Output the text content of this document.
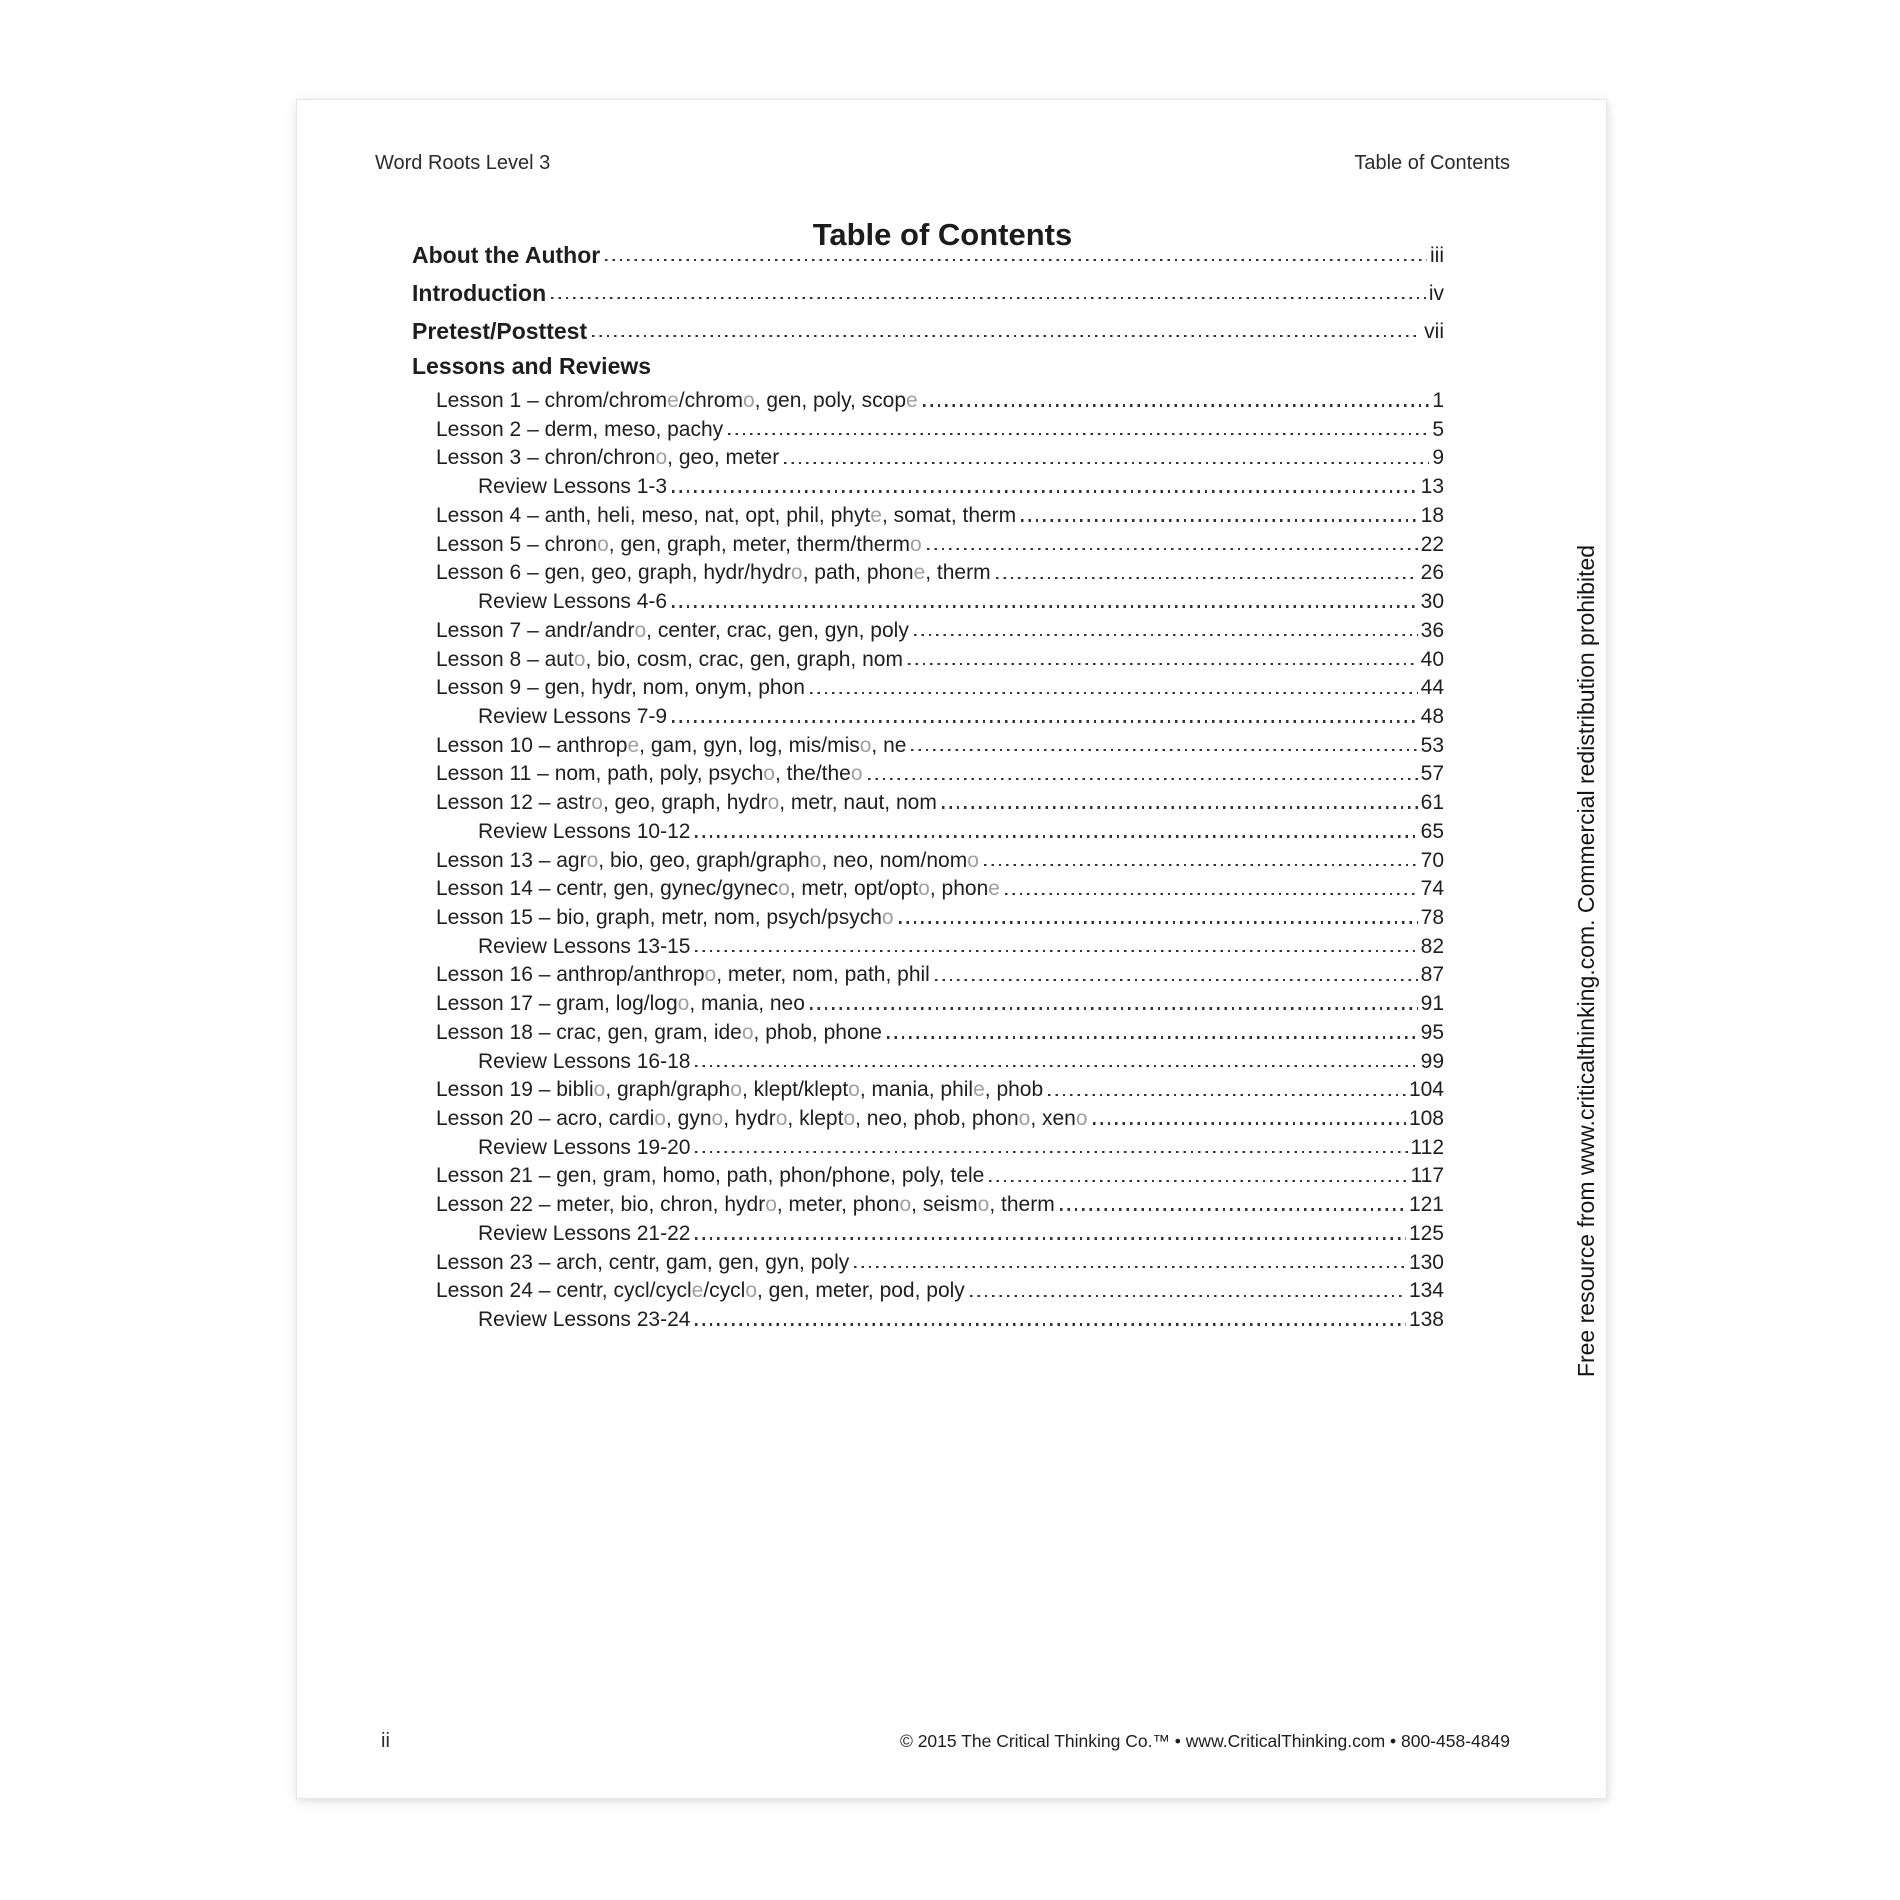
Word Roots Level 3	Table of Contents
Table of Contents
About the Author	iii
Introduction	iv
Pretest/Posttest	vii
Lessons and Reviews
Lesson 1 – chrom/chrome/chromo, gen, poly, scope	1
Lesson 2 – derm, meso, pachy	5
Lesson 3 – chron/chrono, geo, meter	9
Review Lessons 1-3	13
Lesson 4 – anth, heli, meso, nat, opt, phil, phyte, somat, therm	18
Lesson 5 – chrono, gen, graph, meter, therm/thermo	22
Lesson 6 – gen, geo, graph, hydr/hydro, path, phone, therm	26
Review Lessons 4-6	30
Lesson 7 – andr/andro, center, crac, gen, gyn, poly	36
Lesson 8 – auto, bio, cosm, crac, gen, graph, nom	40
Lesson 9 – gen, hydr, nom, onym, phon	44
Review Lessons 7-9	48
Lesson 10 – anthrope, gam, gyn, log, mis/miso, ne	53
Lesson 11 – nom, path, poly, psycho, the/theo	57
Lesson 12 – astro, geo, graph, hydro, metr, naut, nom	61
Review Lessons 10-12	65
Lesson 13 – agro, bio, geo, graph/grapho, neo, nom/nomo	70
Lesson 14 – centr, gen, gynec/gyneco, metr, opt/opto, phone	74
Lesson 15 – bio, graph, metr, nom, psych/psycho	78
Review Lessons 13-15	82
Lesson 16 – anthrop/anthropo, meter, nom, path, phil	87
Lesson 17 – gram, log/logo, mania, neo	91
Lesson 18 – crac, gen, gram, ideo, phob, phone	95
Review Lessons 16-18	99
Lesson 19 – biblio, graph/grapho, klept/klepto, mania, phile, phob	104
Lesson 20 – acro, cardio, gyno, hydro, klepto, neo, phob, phono, xeno	108
Review Lessons 19-20	112
Lesson 21 – gen, gram, homo, path, phon/phone, poly, tele	117
Lesson 22 – meter, bio, chron, hydro, meter, phono, seismo, therm	121
Review Lessons 21-22	125
Lesson 23 – arch, centr, gam, gen, gyn, poly	130
Lesson 24 – centr, cycl/cycle/cyclo, gen, meter, pod, poly	134
Review Lessons 23-24	138	Free resource from www.criticalthinking.com. Commercial redistribution prohibited
ii	© 2015 The Critical Thinking Co.™ • www.CriticalThinking.com • 800-458-4849
